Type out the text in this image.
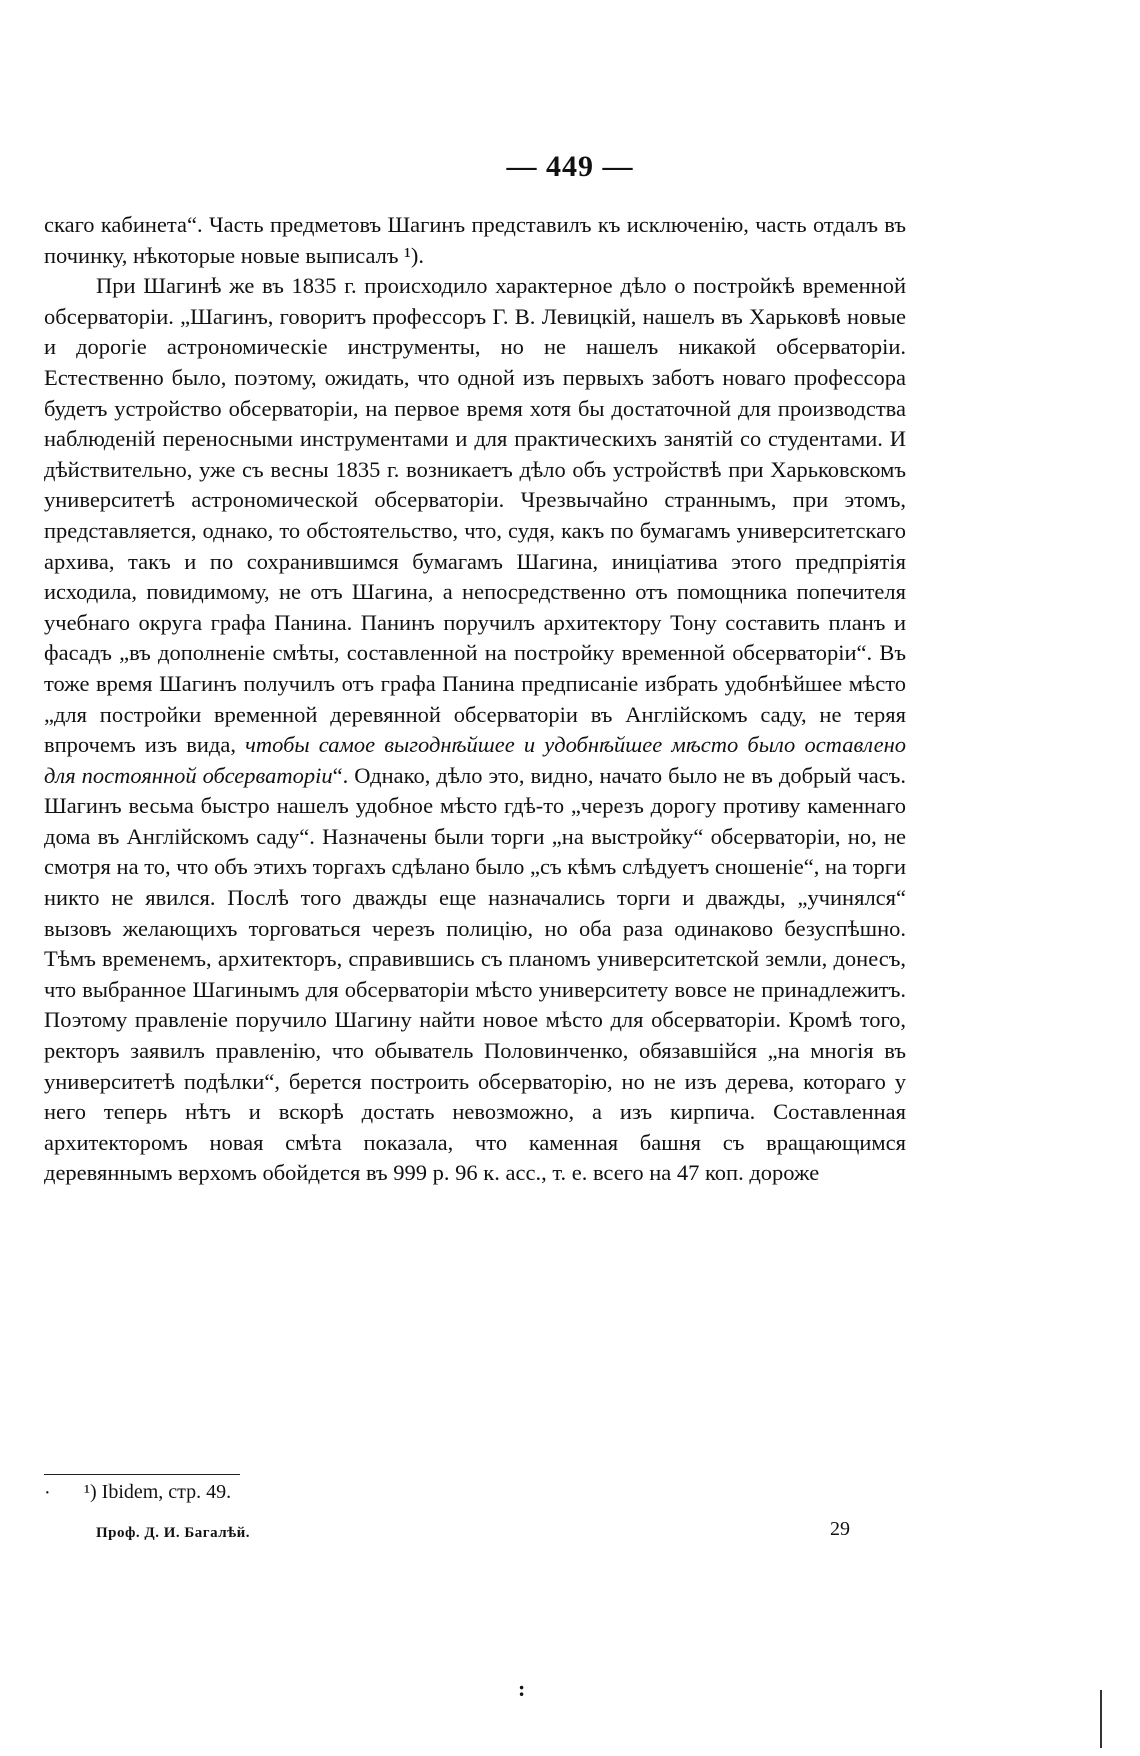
— 449 —

скаго кабинета“. Часть предметовъ Шагинъ представилъ къ исключенію, часть отдалъ въ починку, нѣкоторые новые выписалъ ¹).

При Шагинѣ же въ 1835 г. происходило характерное дѣло о постройкѣ временной обсерваторіи. „Шагинъ, говоритъ профессоръ Г. В. Левицкій, нашелъ въ Харьковѣ новые и дорогіе астрономическіе инструменты, но не нашелъ никакой обсерваторіи. Естественно было, поэтому, ожидать, что одной изъ первыхъ заботъ новаго профессора будетъ устройство обсерваторіи, на первое время хотя бы достаточной для производства наблюденій переносными инструментами и для практическихъ занятій со студентами. И дѣйствительно, уже съ весны 1835 г. возникаетъ дѣло объ устройствѣ при Харьковскомъ университетѣ астрономической обсерваторіи. Чрезвычайно страннымъ, при этомъ, представляется, однако, то обстоятельство, что, судя, какъ по бумагамъ университетскаго архива, такъ и по сохранившимся бумагамъ Шагина, иниціатива этого предпріятія исходила, повидимому, не отъ Шагина, а непосредственно отъ помощника попечителя учебнаго округа графа Панина. Панинъ поручилъ архитектору Тону составить планъ и фасадъ „въ дополненіе смѣты, составленной на постройку временной обсерваторіи“. Въ тоже время Шагинъ получилъ отъ графа Панина предписаніе избрать удобнѣйшее мѣсто „для постройки временной деревянной обсерваторіи въ Англійскомъ саду, не теряя впрочемъ изъ вида, чтобы самое выгоднѣйшее и удобнѣйшее мѣсто было оставлено для постоянной обсерваторіи“. Однако, дѣло это, видно, начато было не въ добрый часъ. Шагинъ весьма быстро нашелъ удобное мѣсто гдѣ-то „черезъ дорогу противу каменнаго дома въ Англійскомъ саду“. Назначены были торги „на выстройку“ обсерваторіи, но, не смотря на то, что объ этихъ торгахъ сдѣлано было „съ кѣмъ слѣдуетъ сношеніе“, на торги никто не явился. Послѣ того дважды еще назначались торги и дважды, „учинялся“ вызовъ желающихъ торговаться черезъ полицію, но оба раза одинаково безуспѣшно. Тѣмъ временемъ, архитекторъ, справившись съ планомъ университетской земли, донесъ, что выбранное Шагинымъ для обсерваторіи мѣсто университету вовсе не принадлежитъ. Поэтому правленіе поручило Шагину найти новое мѣсто для обсерваторіи. Кромѣ того, ректоръ заявилъ правленію, что обыватель Половинченко, обязавшійся „на многія въ университетѣ подѣлки“, берется построить обсерваторію, но не изъ дерева, котораго у него теперь нѣтъ и вскорѣ достать невозможно, а изъ кирпича. Составленная архитекторомъ новая смѣта показала, что каменная башня съ вращающимся деревяннымъ верхомъ обойдется въ 999 р. 96 к. асс., т. е. всего на 47 коп. дороже

· ¹) Ibidem, стр. 49.
Проф. Д. И. Багалѣй.	29
:
